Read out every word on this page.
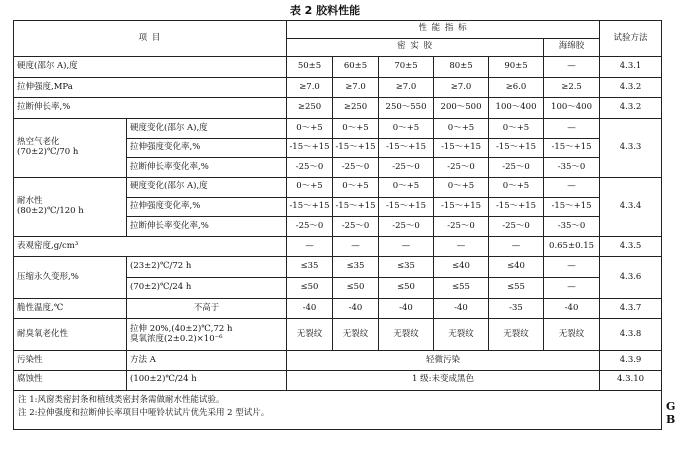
表 2 胶料性能
项 目		性 能 指 标						试验方法
		密 实 胶					海绵胶	
硬度(邵尔 A),度		50±5	60±5	70±5	80±5	90±5	—	4.3.1
拉伸强度,MPa		≥7.0	≥7.0	≥7.0	≥7.0	≥6.0	≥2.5	4.3.2
拉断伸长率,%		≥250	≥250	250～550	200～500	100～400	100～400	4.3.2
热空气老化
(70±2)℃/70 h	硬度变化(邵尔 A),度	0～+5	0～+5	0～+5	0～+5	0～+5	—	4.3.3
	拉伸强度变化率,%	-15～+15	-15～+15	-15～+15	-15～+15	-15～+15	-15～+15	
	拉断伸长率变化率,%	-25～0	-25～0	-25～0	-25～0	-25～0	-35～0	
耐水性
(80±2)℃/120 h	硬度变化(邵尔 A),度	0～+5	0～+5	0～+5	0～+5	0～+5	—	4.3.4
	拉伸强度变化率,%	-15～+15	-15～+15	-15～+15	-15～+15	-15～+15	-15～+15	
	拉断伸长率变化率,%	-25～0	-25～0	-25～0	-25～0	-25～0	-35～0	
表观密度,g/cm³		—	—	—	—	—	0.65±0.15	4.3.5
压缩永久变形,%	(23±2)℃/72 h	≤35	≤35	≤35	≤40	≤40	—	4.3.6
	(70±2)℃/24 h	≤50	≤50	≤50	≤55	≤55	—	
脆性温度,℃	不高于	-40	-40	-40	-40	-35	-40	4.3.7
耐臭氧老化性	拉伸 20%,(40±2)℃,72 h
臭氧浓度(2±0.2)×10⁻⁶	无裂纹	无裂纹	无裂纹	无裂纹	无裂纹	无裂纹	4.3.8
污染性	方法 A	轻微污染						4.3.9
腐蚀性	(100±2)℃/24 h	1 级:未变成黑色						4.3.10

注 1:风窗类密封条和植绒类密封条需做耐水性能试验。
注 2:拉伸强度和拉断伸长率项目中哑铃状试片优先采用 2 型试片。								
G
B
